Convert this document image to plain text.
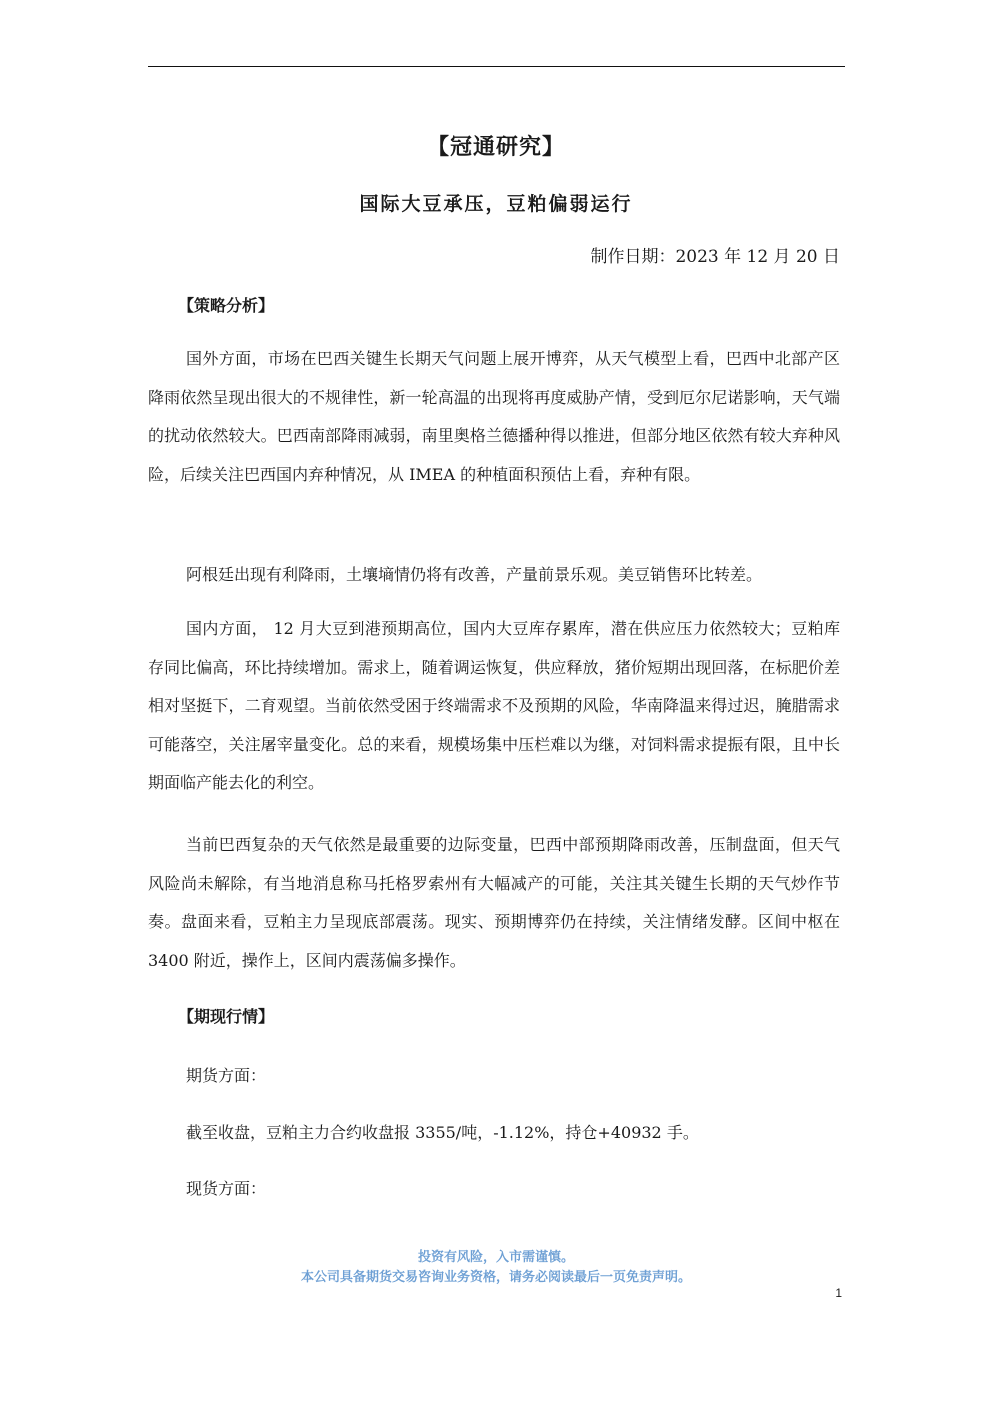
【冠通研究】
国际大豆承压，豆粕偏弱运行
制作日期：2023 年 12 月 20 日
【策略分析】

国外方面，市场在巴西关键生长期天气问题上展开博弈，从天气模型上看，巴西中北部产区降雨依然呈现出很大的不规律性，新一轮高温的出现将再度威胁产情，受到厄尔尼诺影响，天气端的扰动依然较大。巴西南部降雨减弱，南里奥格兰德播种得以推进，但部分地区依然有较大弃种风险，后续关注巴西国内弃种情况，从 IMEA 的种植面积预估上看，弃种有限。

阿根廷出现有利降雨，土壤墒情仍将有改善，产量前景乐观。美豆销售环比转差。

国内方面， 12 月大豆到港预期高位，国内大豆库存累库，潜在供应压力依然较大；豆粕库存同比偏高，环比持续增加。需求上，随着调运恢复，供应释放，猪价短期出现回落，在标肥价差相对坚挺下，二育观望。当前依然受困于终端需求不及预期的风险，华南降温来得过迟，腌腊需求可能落空，关注屠宰量变化。总的来看，规模场集中压栏难以为继，对饲料需求提振有限，且中长期面临产能去化的利空。

当前巴西复杂的天气依然是最重要的边际变量，巴西中部预期降雨改善，压制盘面，但天气风险尚未解除，有当地消息称马托格罗索州有大幅减产的可能，关注其关键生长期的天气炒作节奏。盘面来看，豆粕主力呈现底部震荡。现实、预期博弈仍在持续，关注情绪发酵。区间中枢在 3400 附近，操作上，区间内震荡偏多操作。

【期现行情】

期货方面：

截至收盘，豆粕主力合约收盘报 3355/吨，-1.12%，持仓+40932 手。

现货方面：

投资有风险，入市需谨慎。
本公司具备期货交易咨询业务资格，请务必阅读最后一页免责声明。
1
